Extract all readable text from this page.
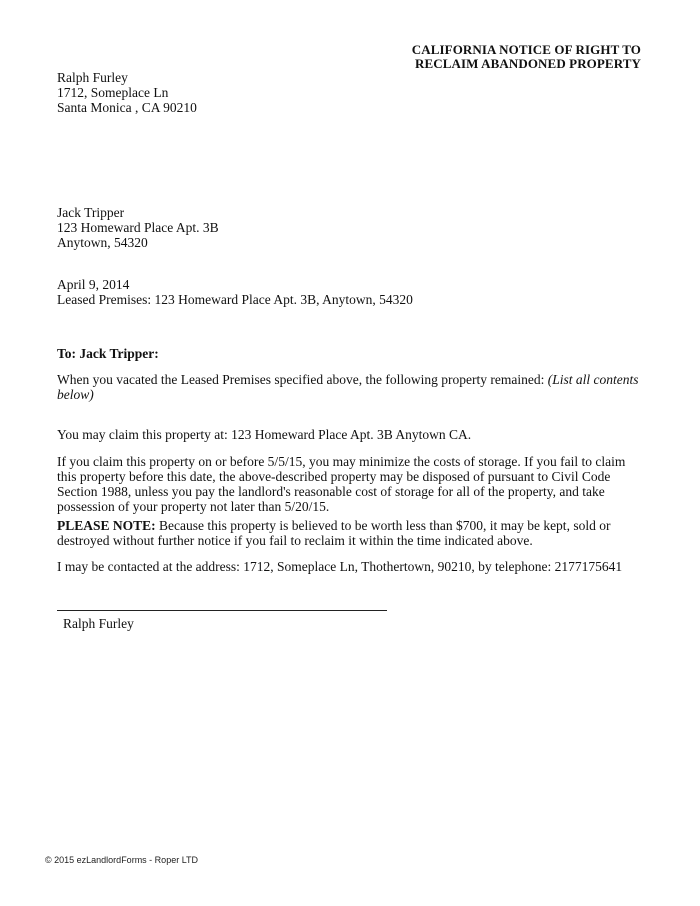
CALIFORNIA NOTICE OF RIGHT TO
RECLAIM ABANDONED PROPERTY
Ralph Furley
1712, Someplace Ln
Santa Monica , CA 90210
Jack Tripper
123 Homeward Place Apt. 3B
Anytown, 54320
April 9, 2014
Leased Premises: 123 Homeward Place Apt. 3B, Anytown, 54320
To: Jack Tripper:
When you vacated the Leased Premises specified above, the following property remained: (List all contents below)
You may claim this property at: 123 Homeward Place Apt. 3B Anytown CA.
If you claim this property on or before 5/5/15, you may minimize the costs of storage. If you fail to claim this property before this date, the above-described property may be disposed of pursuant to Civil Code Section 1988, unless you pay the landlord's reasonable cost of storage for all of the property, and take possession of your property not later than 5/20/15.
PLEASE NOTE: Because this property is believed to be worth less than $700, it may be kept, sold or destroyed without further notice if you fail to reclaim it within the time indicated above.
I may be contacted at the address: 1712, Someplace Ln, Thothertown, 90210, by telephone: 2177175641
Ralph Furley
© 2015 ezLandlordForms - Roper LTD
